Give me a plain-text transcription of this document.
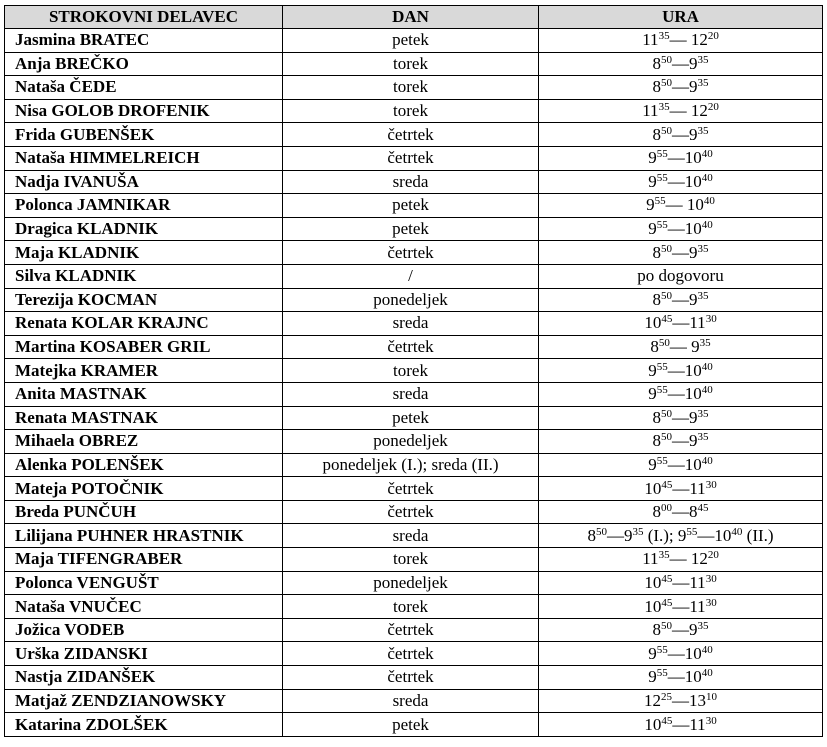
STROKOVNI DELAVEC	DAN	URA
Jasmina BRATEC	petek	$11^{35}—$ $12^{20}$
Anja BREČKO	torek	$8^{50}—9^{35}$
Nataša ČEDE	torek	$8^{50}—9^{35}$
Nisa GOLOB DROFENIK	torek	$11^{35}—$ $12^{20}$
Frida GUBENŠEK	četrtek	$8^{50}—9^{35}$
Nataša HIMMELREICH	četrtek	$9^{55}—10^{40}$
Nadja IVANUŠA	sreda	$9^{55}—10^{40}$
Polonca JAMNIKAR	petek	$9^{55}—$ $10^{40}$
Dragica KLADNIK	petek	$9^{55}—10^{40}$
Maja KLADNIK	četrtek	$8^{50}—9^{35}$
Silva KLADNIK	/	po dogovoru
Terezija KOCMAN	ponedeljek	$8^{50}—9^{35}$
Renata KOLAR KRAJNC	sreda	$10^{45}—11^{30}$
Martina KOSABER GRIL	četrtek	$8^{50}—$ $9^{35}$
Matejka KRAMER	torek	$9^{55}—10^{40}$
Anita MASTNAK	sreda	$9^{55}—10^{40}$
Renata MASTNAK	petek	$8^{50}—9^{35}$
Mihaela OBREZ	ponedeljek	$8^{50}—9^{35}$
Alenka POLENŠEK	ponedeljek (I.); sreda (II.)	$9^{55}—10^{40}$
Mateja POTOČNIK	četrtek	$10^{45}—11^{30}$
Breda PUNČUH	četrtek	$8^{00}—8^{45}$
Lilijana PUHNER HRASTNIK	sreda	$8^{50}—9^{35}$ (I.); $9^{55}—10^{40}$ (II.)
Maja TIFENGRABER	torek	$11^{35}—$ $12^{20}$
Polonca VENGUŠT	ponedeljek	$10^{45}—11^{30}$
Nataša VNUČEC	torek	$10^{45}—11^{30}$
Jožica VODEB	četrtek	$8^{50}—9^{35}$
Urška ZIDANSKI	četrtek	$9^{55}—10^{40}$
Nastja ZIDANŠEK	četrtek	$9^{55}—10^{40}$
Matjaž ZENDZIANOWSKY	sreda	$12^{25}—13^{10}$
Katarina ZDOLŠEK	petek	$10^{45}—11^{30}$
